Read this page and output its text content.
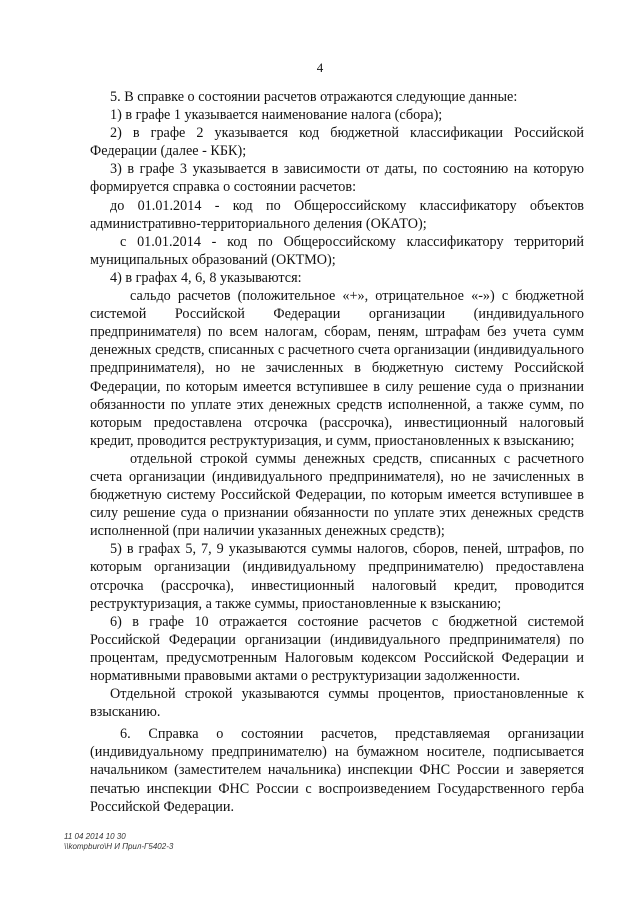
4

5. В справке о состоянии расчетов отражаются следующие данные:

1) в графе 1 указывается наименование налога (сбора);

2) в графе 2 указывается код бюджетной классификации Российской Федерации (далее - КБК);

3) в графе 3 указывается в зависимости от даты, по состоянию на которую формируется справка о состоянии расчетов:

до 01.01.2014 - код по Общероссийскому классификатору объектов административно-территориального деления (ОКАТО);

с 01.01.2014 - код по Общероссийскому классификатору территорий муниципальных образований (ОКТМО);

4) в графах 4, 6, 8 указываются:

сальдо расчетов (положительное «+», отрицательное «-») с бюджетной системой Российской Федерации организации (индивидуального предпринимателя) по всем налогам, сборам, пеням, штрафам без учета сумм денежных средств, списанных с расчетного счета организации (индивидуального предпринимателя), но не зачисленных в бюджетную систему Российской Федерации, по которым имеется вступившее в силу решение суда о признании обязанности по уплате этих денежных средств исполненной, а также сумм, по которым предоставлена отсрочка (рассрочка), инвестиционный налоговый кредит, проводится реструктуризация, и сумм, приостановленных к взысканию;

отдельной строкой суммы денежных средств, списанных с расчетного счета организации (индивидуального предпринимателя), но не зачисленных в бюджетную систему Российской Федерации, по которым имеется вступившее в силу решение суда о признании обязанности по уплате этих денежных средств исполненной (при наличии указанных денежных средств);

5) в графах 5, 7, 9 указываются суммы налогов, сборов, пеней, штрафов, по которым организации (индивидуальному предпринимателю) предоставлена отсрочка (рассрочка), инвестиционный налоговый кредит, проводится реструктуризация, а также суммы, приостановленные к взысканию;

6) в графе 10 отражается состояние расчетов с бюджетной системой Российской Федерации организации (индивидуального предпринимателя) по процентам, предусмотренным Налоговым кодексом Российской Федерации и нормативными правовыми актами о реструктуризации задолженности.

Отдельной строкой указываются суммы процентов, приостановленные к взысканию.

6. Справка о состоянии расчетов, представляемая организации (индивидуальному предпринимателю) на бумажном носителе, подписывается начальником (заместителем начальника) инспекции ФНС России и заверяется печатью инспекции ФНС России с воспроизведением Государственного герба Российской Федерации.

11 04 2014 10 30
\\kompburo\Н И Прил-Г5402-3
